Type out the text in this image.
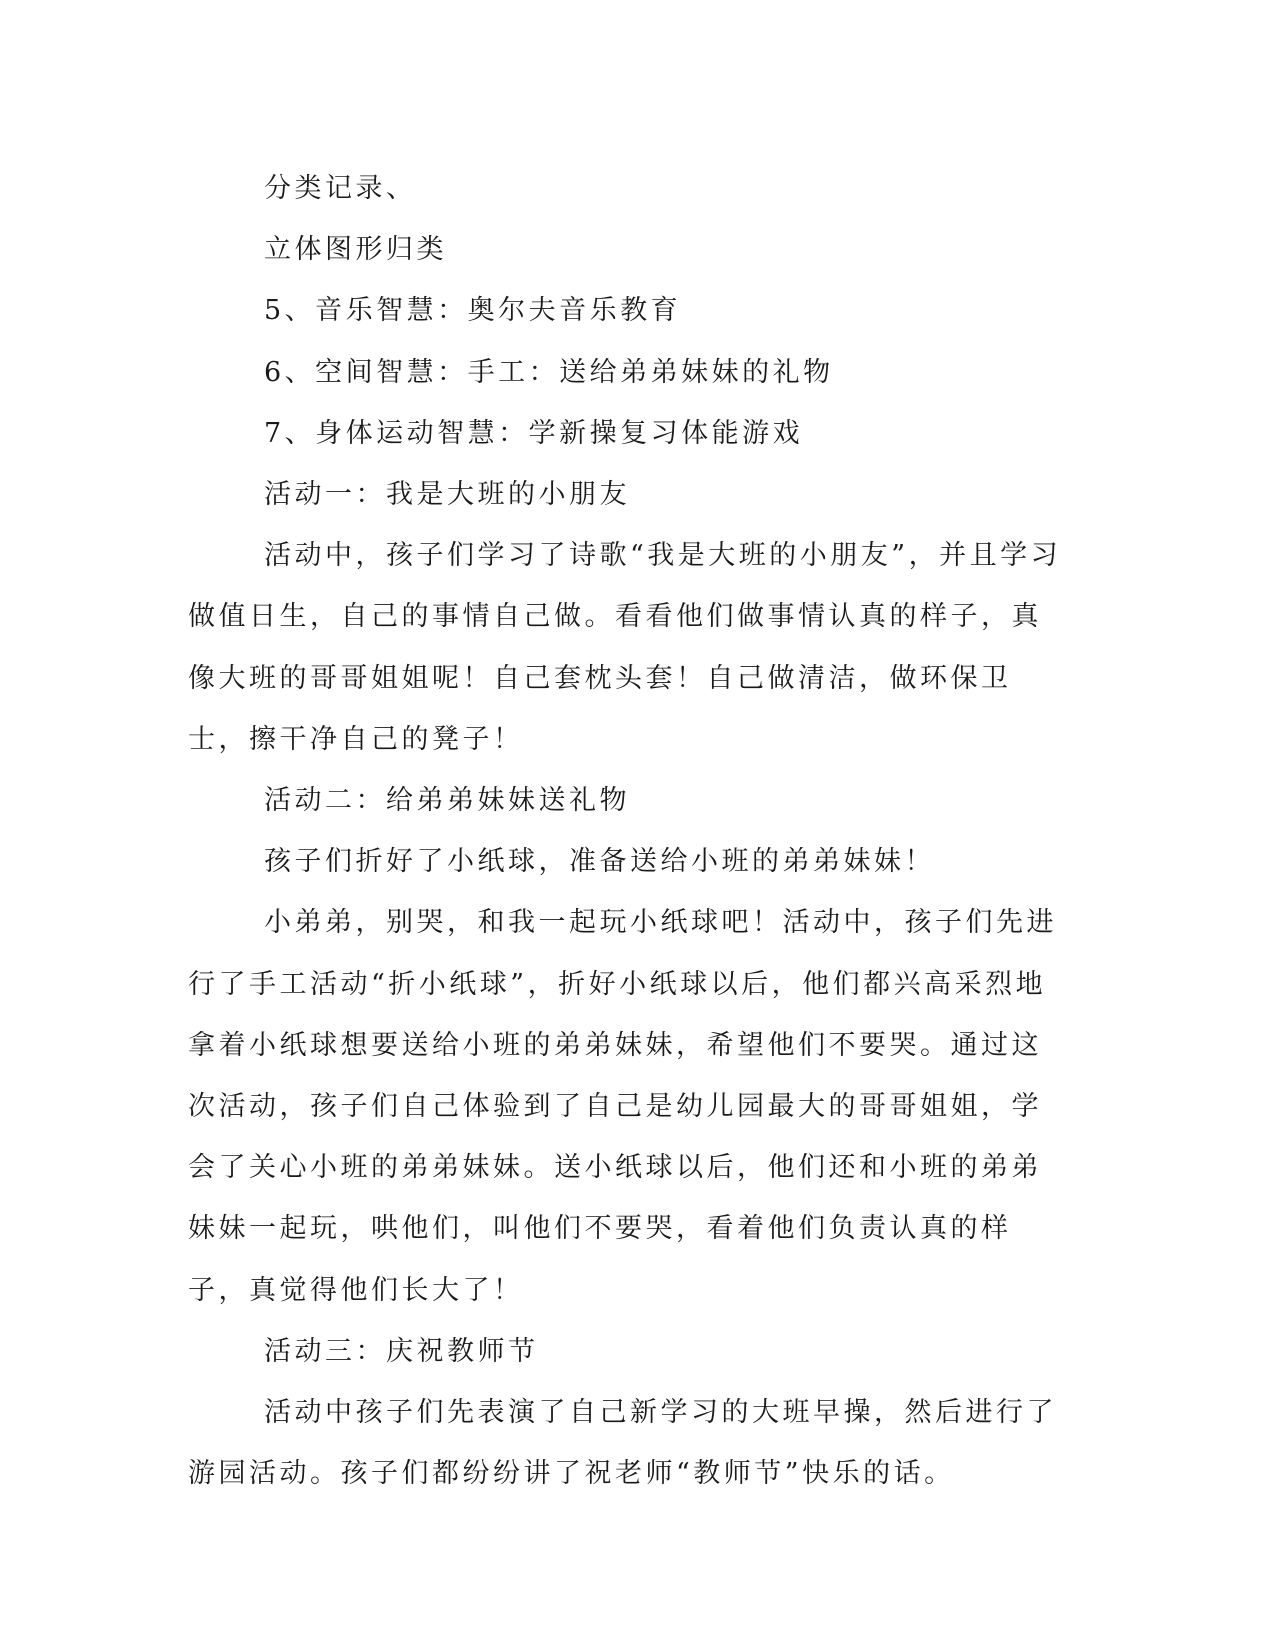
分类记录、

立体图形归类

5、音乐智慧：奥尔夫音乐教育

6、空间智慧：手工：送给弟弟妹妹的礼物

7、身体运动智慧：学新操复习体能游戏

活动一：我是大班的小朋友

活动中，孩子们学习了诗歌“我是大班的小朋友”，并且学习做值日生，自己的事情自己做。看看他们做事情认真的样子，真像大班的哥哥姐姐呢！自己套枕头套！自己做清洁，做环保卫士，擦干净自己的凳子！

活动二：给弟弟妹妹送礼物

孩子们折好了小纸球，准备送给小班的弟弟妹妹！

小弟弟，别哭，和我一起玩小纸球吧！活动中，孩子们先进行了手工活动“折小纸球”，折好小纸球以后，他们都兴高采烈地拿着小纸球想要送给小班的弟弟妹妹，希望他们不要哭。通过这次活动，孩子们自己体验到了自己是幼儿园最大的哥哥姐姐，学会了关心小班的弟弟妹妹。送小纸球以后，他们还和小班的弟弟妹妹一起玩，哄他们，叫他们不要哭，看着他们负责认真的样子，真觉得他们长大了！

活动三：庆祝教师节

活动中孩子们先表演了自己新学习的大班早操，然后进行了游园活动。孩子们都纷纷讲了祝老师“教师节”快乐的话。
